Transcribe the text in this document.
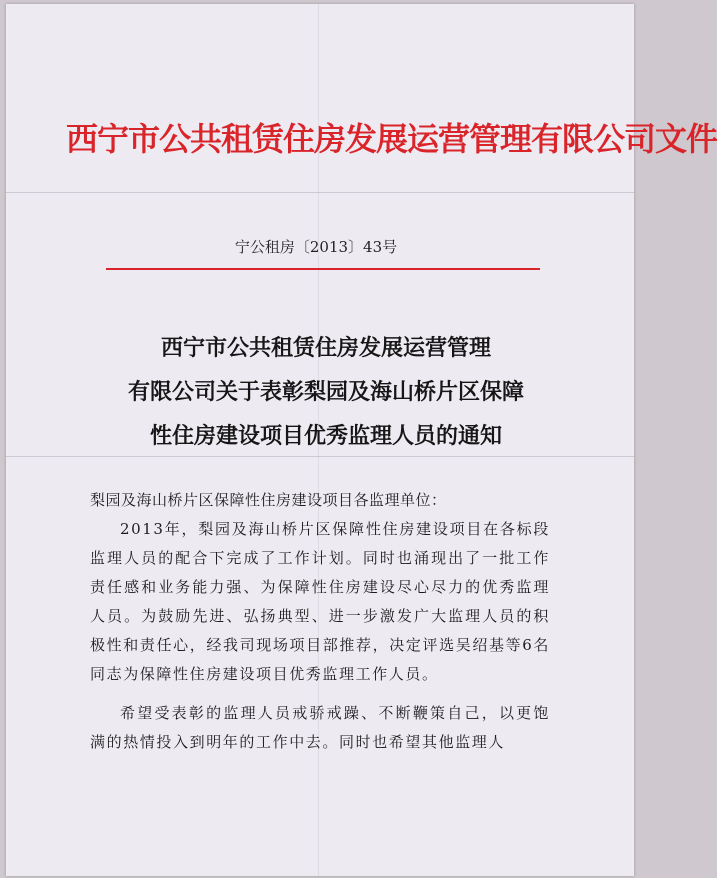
西宁市公共租赁住房发展运营管理有限公司文件
宁公租房〔2013〕43号
西宁市公共租赁住房发展运营管理
有限公司关于表彰梨园及海山桥片区保障
性住房建设项目优秀监理人员的通知
梨园及海山桥片区保障性住房建设项目各监理单位：

2013年，梨园及海山桥片区保障性住房建设项目在各标段监理人员的配合下完成了工作计划。同时也涌现出了一批工作责任感和业务能力强、为保障性住房建设尽心尽力的优秀监理人员。为鼓励先进、弘扬典型、进一步激发广大监理人员的积极性和责任心，经我司现场项目部推荐，决定评选吴绍基等6名同志为保障性住房建设项目优秀监理工作人员。

希望受表彰的监理人员戒骄戒躁、不断鞭策自己，以更饱满的热情投入到明年的工作中去。同时也希望其他监理人
